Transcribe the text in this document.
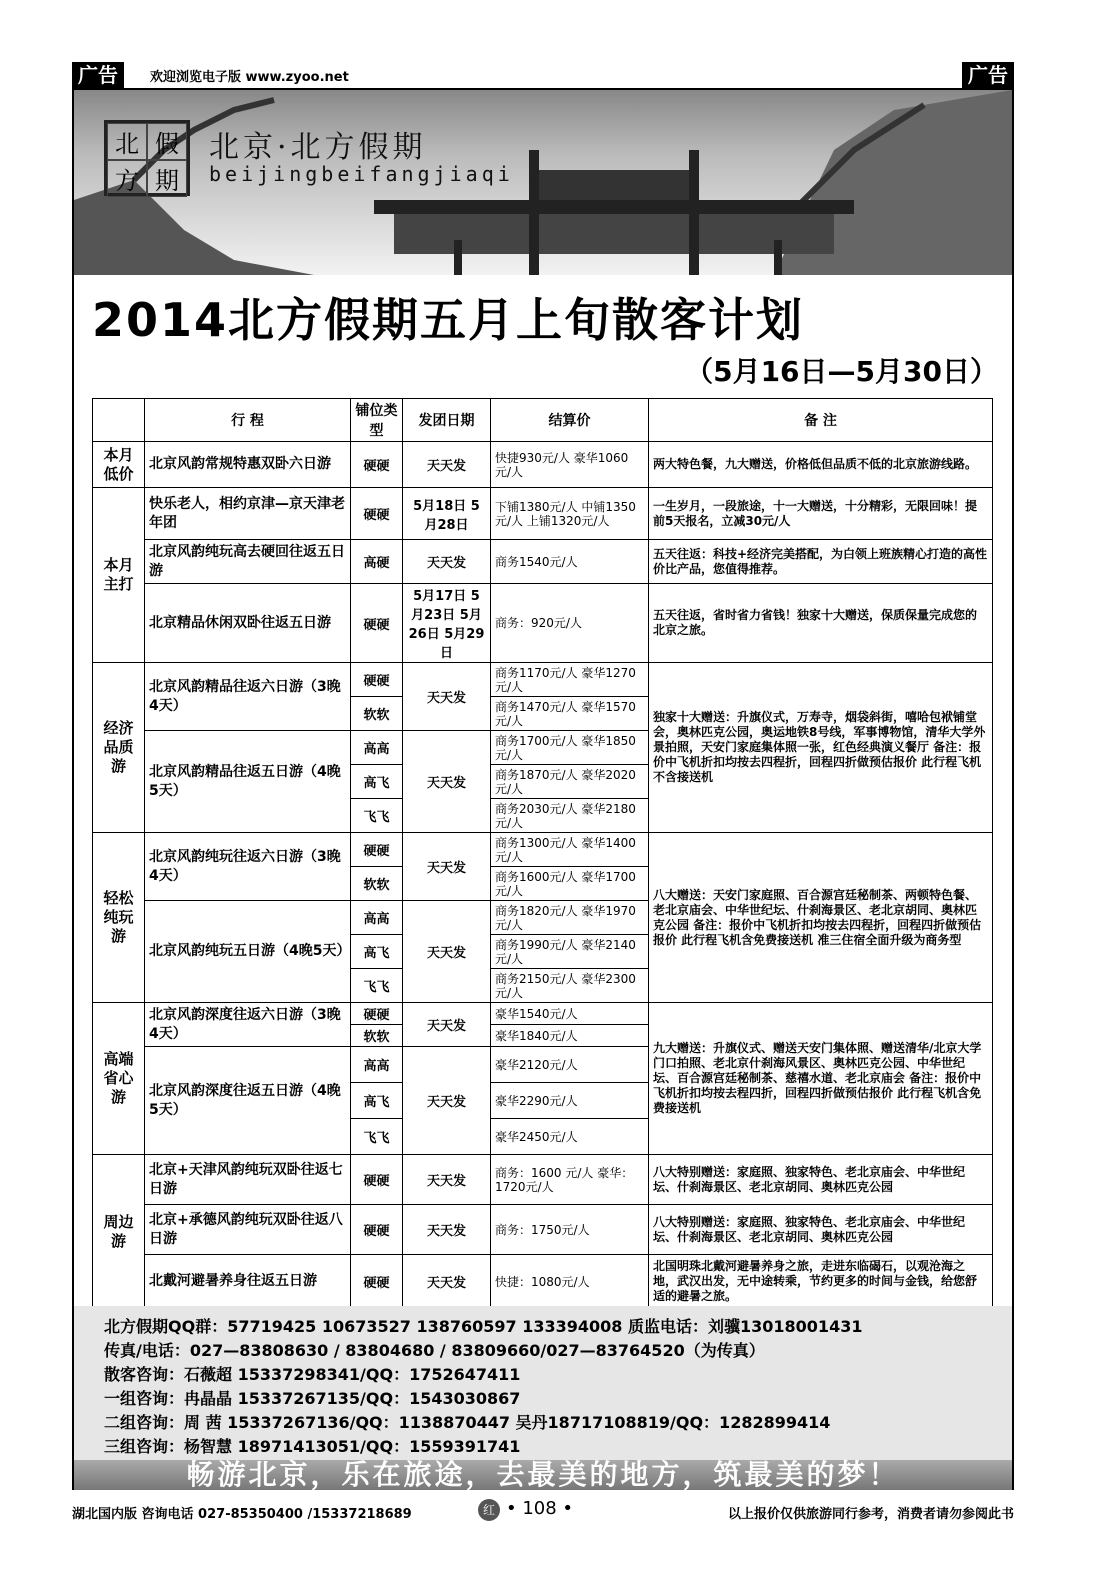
广告	欢迎浏览电子版 www.zyoo.net	广告
北 假
方 期
北京·北方假期
beijingbeifangjiaqi
2014北方假期五月上旬散客计划
（5月16日—5月30日）
	行 程	铺位类型	发团日期	结算价	备 注
本月低价	北京风韵常规特惠双卧六日游	硬硬	天天发	快捷930元/人 豪华1060元/人	两大特色餐，九大赠送，价格低但品质不低的北京旅游线路。
本月主打	快乐老人，相约京津—京天津老年团	硬硬	5月18日 5月28日	下铺1380元/人 中铺1350元/人 上铺1320元/人	一生岁月，一段旅途，十一大赠送，十分精彩，无限回味！提前5天报名，立减30元/人
	北京风韵纯玩高去硬回往返五日游	高硬	天天发	商务1540元/人	五天往返：科技+经济完美搭配，为白领上班族精心打造的高性价比产品，您值得推荐。
	北京精品休闲双卧往返五日游	硬硬	5月17日 5月23日 5月26日 5月29日	商务：920元/人	五天往返，省时省力省钱！独家十大赠送，保质保量完成您的北京之旅。
经济品质游	北京风韵精品往返六日游（3晚4天）	硬硬	天天发	商务1170元/人 豪华1270元/人	独家十大赠送：升旗仪式，万寿寺，烟袋斜街，嘻哈包袱铺堂会，奥林匹克公园，奥运地铁8号线，军事博物馆，清华大学外景拍照，天安门家庭集体照一张，红色经典演义餐厅 备注：报价中飞机折扣均按去四程折，回程四折做预估报价 此行程飞机不含接送机
		软软		商务1470元/人 豪华1570元/人	
	北京风韵精品往返五日游（4晚5天）	高高	天天发	商务1700元/人 豪华1850元/人	
		高飞		商务1870元/人 豪华2020元/人	
		飞飞		商务2030元/人 豪华2180元/人	
轻松纯玩游	北京风韵纯玩往返六日游（3晚4天）	硬硬	天天发	商务1300元/人 豪华1400元/人	八大赠送：天安门家庭照、百合源宫廷秘制茶、两顿特色餐、老北京庙会、中华世纪坛、什刹海景区、老北京胡同、奥林匹克公园 备注：报价中飞机折扣均按去四程折，回程四折做预估报价 此行程飞机含免费接送机 准三住宿全面升级为商务型
		软软		商务1600元/人 豪华1700元/人	
	北京风韵纯玩五日游（4晚5天）	高高	天天发	商务1820元/人 豪华1970元/人	
		高飞		商务1990元/人 豪华2140元/人	
		飞飞		商务2150元/人 豪华2300元/人	
高端省心游	北京风韵深度往返六日游（3晚4天）	硬硬	天天发	豪华1540元/人	九大赠送：升旗仪式、赠送天安门集体照、赠送清华/北京大学门口拍照、老北京什刹海风景区、奥林匹克公园、中华世纪坛、百合源宫廷秘制茶、慈禧水道、老北京庙会 备注：报价中飞机折扣均按去程四折，回程四折做预估报价 此行程飞机含免费接送机
		软软		豪华1840元/人	
	北京风韵深度往返五日游（4晚5天）	高高	天天发	豪华2120元/人	
		高飞		豪华2290元/人	
		飞飞		豪华2450元/人	
周边游	北京+天津风韵纯玩双卧往返七日游	硬硬	天天发	商务：1600 元/人 豪华：1720元/人	八大特别赠送：家庭照、独家特色、老北京庙会、中华世纪坛、什刹海景区、老北京胡同、奥林匹克公园
	北京+承德风韵纯玩双卧往返八日游	硬硬	天天发	商务：1750元/人	八大特别赠送：家庭照、独家特色、老北京庙会、中华世纪坛、什刹海景区、老北京胡同、奥林匹克公园
	北戴河避暑养身往返五日游	硬硬	天天发	快捷：1080元/人	北国明珠北戴河避暑养身之旅，走进东临碣石，以观沧海之地，武汉出发，无中途转乘，节约更多的时间与金钱，给您舒适的避暑之旅。
北方假期QQ群：57719425 10673527 138760597 133394008 质监电话：刘骥13018001431
传真/电话：027—83808630 / 83804680 / 83809660/027—83764520（为传真）
散客咨询：石薇超 15337298341/QQ：1752647411
一组咨询：冉晶晶 15337267135/QQ：1543030867
二组咨询：周 茜 15337267136/QQ：1138870447 吴丹18717108819/QQ：1282899414
三组咨询：杨智慧 18971413051/QQ：1559391741
畅游北京，乐在旅途，去最美的地方，筑最美的梦！
湖北国内版 咨询电话 027-85350400 /15337218689	红 • 108 •	以上报价仅供旅游同行参考，消费者请勿参阅此书
